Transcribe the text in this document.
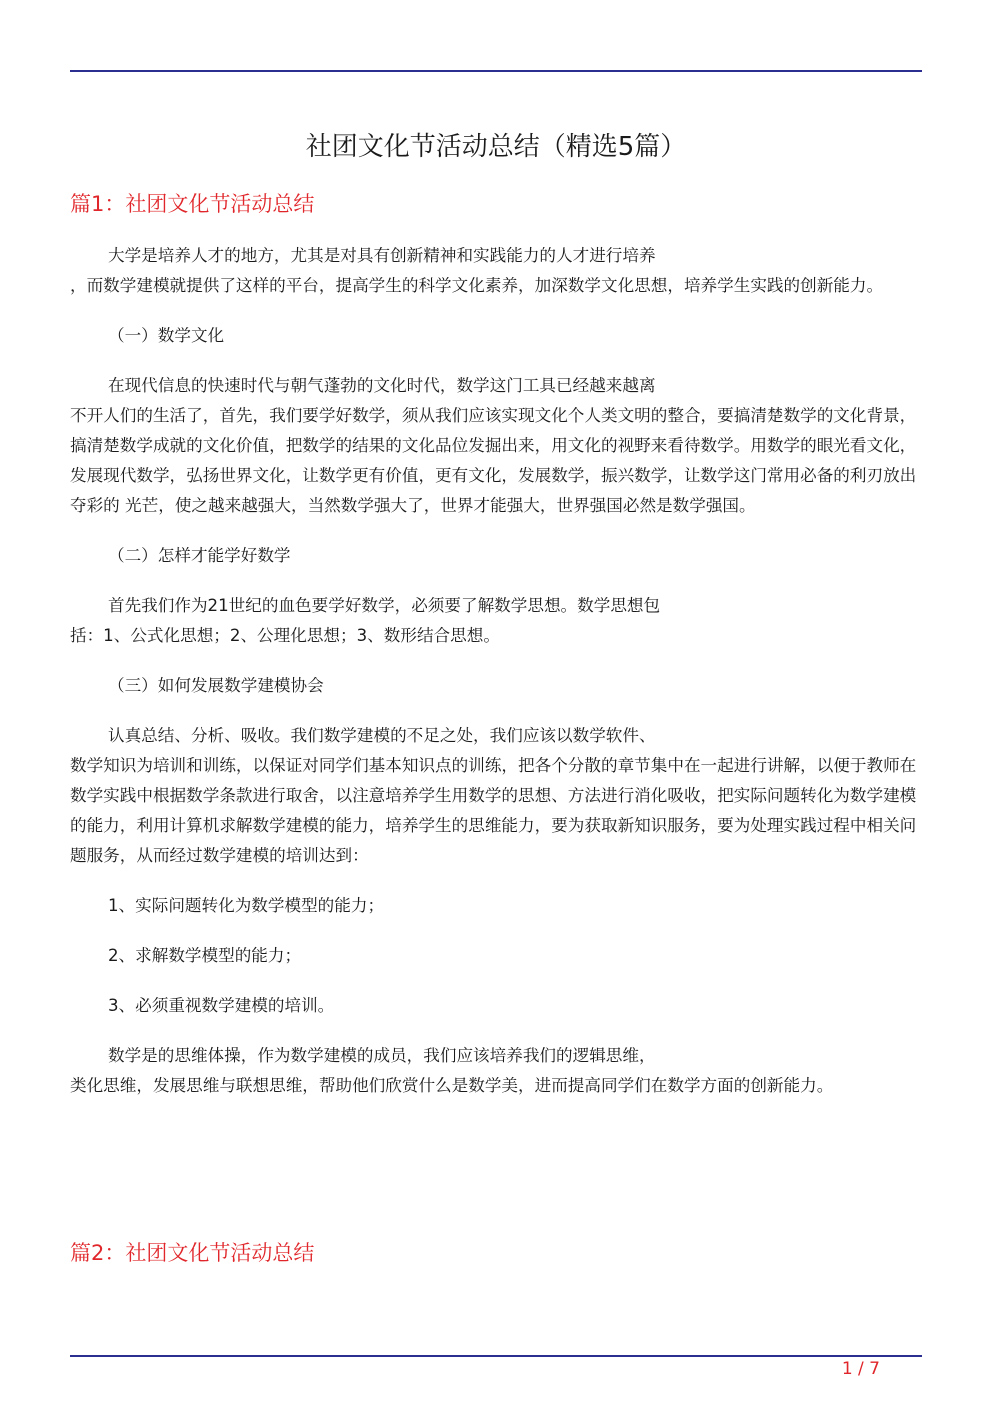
社团文化节活动总结（精选5篇）
篇1：社团文化节活动总结

大学是培养人才的地方，尤其是对具有创新精神和实践能力的人才进行培养
，而数学建模就提供了这样的平台，提高学生的科学文化素养，加深数学文化思想，培养学生实践的创新能力。

（一）数学文化

在现代信息的快速时代与朝气蓬勃的文化时代，数学这门工具已经越来越离
不开人们的生活了，首先，我们要学好数学，须从我们应该实现文化个人类文明的整合，要搞清楚数学的文化背景，搞清楚数学成就的文化价值，把数学的结果的文化品位发掘出来，用文化的视野来看待数学。用数学的眼光看文化，发展现代数学，弘扬世界文化，让数学更有价值，更有文化，发展数学，振兴数学，让数学这门常用必备的利刃放出夺彩的 光芒，使之越来越强大，当然数学强大了，世界才能强大，世界强国必然是数学强国。

（二）怎样才能学好数学

首先我们作为21世纪的血色要学好数学，必须要了解数学思想。数学思想包
括：1、公式化思想；2、公理化思想；3、数形结合思想。

（三）如何发展数学建模协会

认真总结、分析、吸收。我们数学建模的不足之处，我们应该以数学软件、
数学知识为培训和训练，以保证对同学们基本知识点的训练，把各个分散的章节集中在一起进行讲解，以便于教师在数学实践中根据数学条款进行取舍，以注意培养学生用数学的思想、方法进行消化吸收，把实际问题转化为数学建模的能力，利用计算机求解数学建模的能力，培养学生的思维能力，要为获取新知识服务，要为处理实践过程中相关问题服务，从而经过数学建模的培训达到：

1、实际问题转化为数学模型的能力；

2、求解数学模型的能力；

3、必须重视数学建模的培训。

数学是的思维体操，作为数学建模的成员，我们应该培养我们的逻辑思维，
类化思维，发展思维与联想思维，帮助他们欣赏什么是数学美，进而提高同学们在数学方面的创新能力。

篇2：社团文化节活动总结
1 / 7
